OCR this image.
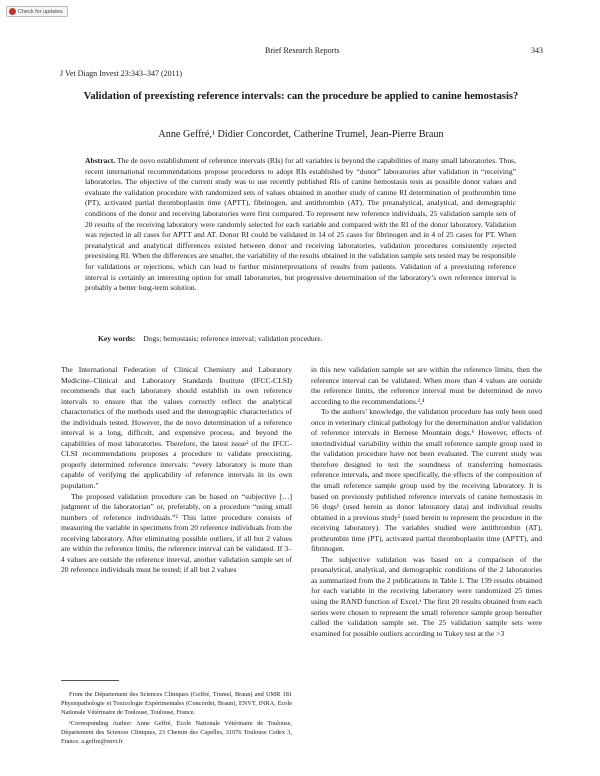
Check for updates
Brief Research Reports	343
J Vet Diagn Invest 23:343–347 (2011)
Validation of preexisting reference intervals: can the procedure be applied to canine hemostasis?
Anne Geffré,¹ Didier Concordet, Catherine Trumel, Jean-Pierre Braun
Abstract. The de novo establishment of reference intervals (RIs) for all variables is beyond the capabilities of many small laboratories. Thus, recent international recommendations propose procedures to adopt RIs established by “donor” laboratories after validation in “receiving” laboratories. The objective of the current study was to use recently published RIs of canine hemostasis tests as possible donor values and evaluate the validation procedure with randomized sets of values obtained in another study of canine RI determination of prothrombin time (PT), activated partial thromboplastin time (APTT), fibrinogen, and antithrombin (AT). The preanalytical, analytical, and demographic conditions of the donor and receiving laboratories were first compared. To represent new reference individuals, 25 validation sample sets of 20 results of the receiving laboratory were randomly selected for each variable and compared with the RI of the donor laboratory. Validation was rejected in all cases for APTT and AT. Donor RI could be validated in 14 of 25 cases for fibrinogen and in 4 of 25 cases for PT. When preanalytical and analytical differences existed between donor and receiving laboratories, validation procedures consistently rejected preexisting RI. When the differences are smaller, the variability of the results obtained in the validation sample sets tested may be responsible for validations or rejections, which can lead to further misinterpretations of results from patients. Validation of a preexisting reference interval is certainly an interesting option for small laboratories, but progressive determination of the laboratory’s own reference interval is probably a better long-term solution.
Key words: Dogs; hemostasis; reference interval; validation procedure.

The International Federation of Clinical Chemistry and Laboratory Medicine–Clinical and Laboratory Standards Institute (IFCC-CLSI) recommends that each laboratory should establish its own reference intervals to ensure that the values correctly reflect the analytical characteristics of the methods used and the demographic characteristics of the individuals tested. However, the de novo determination of a reference interval is a long, difficult, and expensive process, and beyond the capabilities of most laboratories. Therefore, the latest issue² of the IFCC-CLSI recommendations proposes a procedure to validate preexisting, properly determined reference intervals: “every laboratory is more than capable of verifying the applicability of reference intervals in its own population.”

The proposed validation procedure can be based on “subjective […] judgment of the laboratorian” or, preferably, on a procedure “using small numbers of reference individuals.”² This latter procedure consists of measuring the variable in specimens from 20 reference individuals from the receiving laboratory. After eliminating possible outliers, if all but 2 values are within the reference limits, the reference interval can be validated. If 3–4 values are outside the reference interval, another validation sample set of 20 reference individuals must be tested; if all but 2 values

in this new validation sample set are within the reference limits, then the reference interval can be validated. When more than 4 values are outside the reference limits, the reference interval must be determined de novo according to the recommendations.²,⁴

To the authors’ knowledge, the validation procedure has only been used once in veterinary clinical pathology for the determination and/or validation of reference intervals in Bernese Mountain dogs.⁶ However, effects of interindividual variability within the small reference sample group used in the validation procedure have not been evaluated. The current study was therefore designed to test the soundness of transferring hemostasis reference intervals, and more specifically, the effects of the composition of the small reference sample group used by the receiving laboratory. It is based on previously published reference intervals of canine hemostasis in 56 dogs¹ (used herein as donor laboratory data) and individual results obtained in a previous study⁵ (used herein to represent the procedure in the receiving laboratory). The variables studied were antithrombin (AT), prothrombin time (PT), activated partial thromboplastin time (APTT), and fibrinogen.

The subjective validation was based on a comparison of the preanalytical, analytical, and demographic conditions of the 2 laboratories as summarized from the 2 publications in Table 1. The 139 results obtained for each variable in the receiving laboratory were randomized 25 times using the RAND function of Excel.ᵃ The first 20 results obtained from each series were chosen to represent the small reference sample group hereafter called the validation sample set. The 25 validation sample sets were examined for possible outliers according to Tukey test at the >3

From the Département des Sciences Cliniques (Geffré, Trumel, Braun) and UMR 181 Physiopathologie et Toxicologie Expérimentales (Concordet, Braun), ENVT, INRA, Ecole Nationale Vétérinaire de Toulouse, Toulouse, France.

¹Corresponding Author: Anne Geffré, Ecole Nationale Vétérinaire de Toulouse, Département des Sciences Cliniques, 23 Chemin des Capelles, 31076 Toulouse Cedex 3, France. a.geffre@envt.fr
